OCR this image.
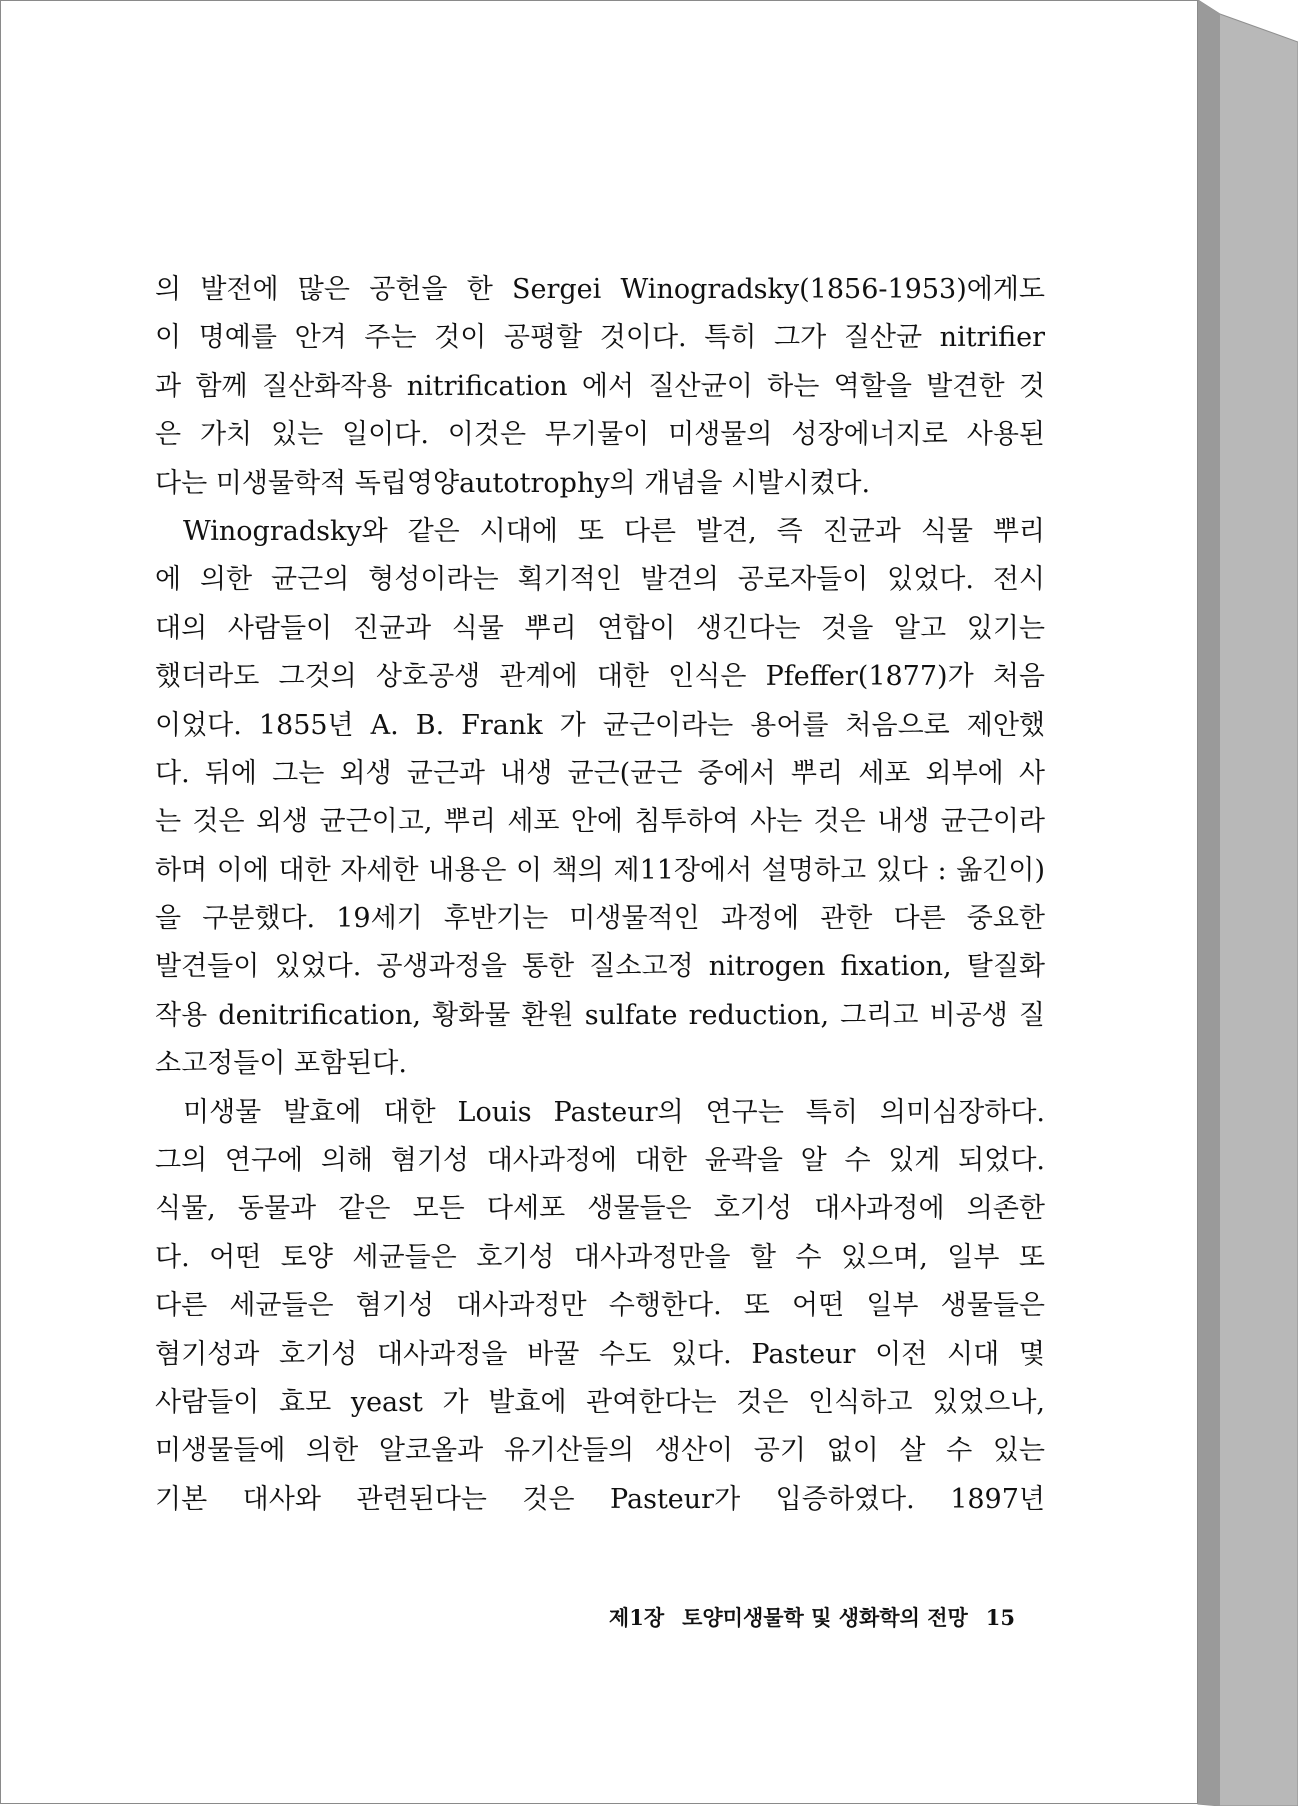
의 발전에 많은 공헌을 한 Sergei Winogradsky(1856-1953)에게도
이 명예를 안겨 주는 것이 공평할 것이다. 특히 그가 질산균 nitrifier
과 함께 질산화작용 nitrification 에서 질산균이 하는 역할을 발견한 것
은 가치 있는 일이다. 이것은 무기물이 미생물의 성장에너지로 사용된
다는 미생물학적 독립영양autotrophy의 개념을 시발시켰다.
Winogradsky와 같은 시대에 또 다른 발견, 즉 진균과 식물 뿌리
에 의한 균근의 형성이라는 획기적인 발견의 공로자들이 있었다. 전시
대의 사람들이 진균과 식물 뿌리 연합이 생긴다는 것을 알고 있기는
했더라도 그것의 상호공생 관계에 대한 인식은 Pfeffer(1877)가 처음
이었다. 1855년 A. B. Frank 가 균근이라는 용어를 처음으로 제안했
다. 뒤에 그는 외생 균근과 내생 균근(균근 중에서 뿌리 세포 외부에 사
는 것은 외생 균근이고, 뿌리 세포 안에 침투하여 사는 것은 내생 균근이라
하며 이에 대한 자세한 내용은 이 책의 제11장에서 설명하고 있다 : 옮긴이)
을 구분했다. 19세기 후반기는 미생물적인 과정에 관한 다른 중요한
발견들이 있었다. 공생과정을 통한 질소고정 nitrogen fixation, 탈질화
작용 denitrification, 황화물 환원 sulfate reduction, 그리고 비공생 질
소고정들이 포함된다.
미생물 발효에 대한 Louis Pasteur의 연구는 특히 의미심장하다.
그의 연구에 의해 혐기성 대사과정에 대한 윤곽을 알 수 있게 되었다.
식물, 동물과 같은 모든 다세포 생물들은 호기성 대사과정에 의존한
다. 어떤 토양 세균들은 호기성 대사과정만을 할 수 있으며, 일부 또
다른 세균들은 혐기성 대사과정만 수행한다. 또 어떤 일부 생물들은
혐기성과 호기성 대사과정을 바꿀 수도 있다. Pasteur 이전 시대 몇
사람들이 효모 yeast 가 발효에 관여한다는 것은 인식하고 있었으나,
미생물들에 의한 알코올과 유기산들의 생산이 공기 없이 살 수 있는
기본 대사와 관련된다는 것은 Pasteur가 입증하였다. 1897년
제1장 토양미생물학 및 생화학의 전망 15
